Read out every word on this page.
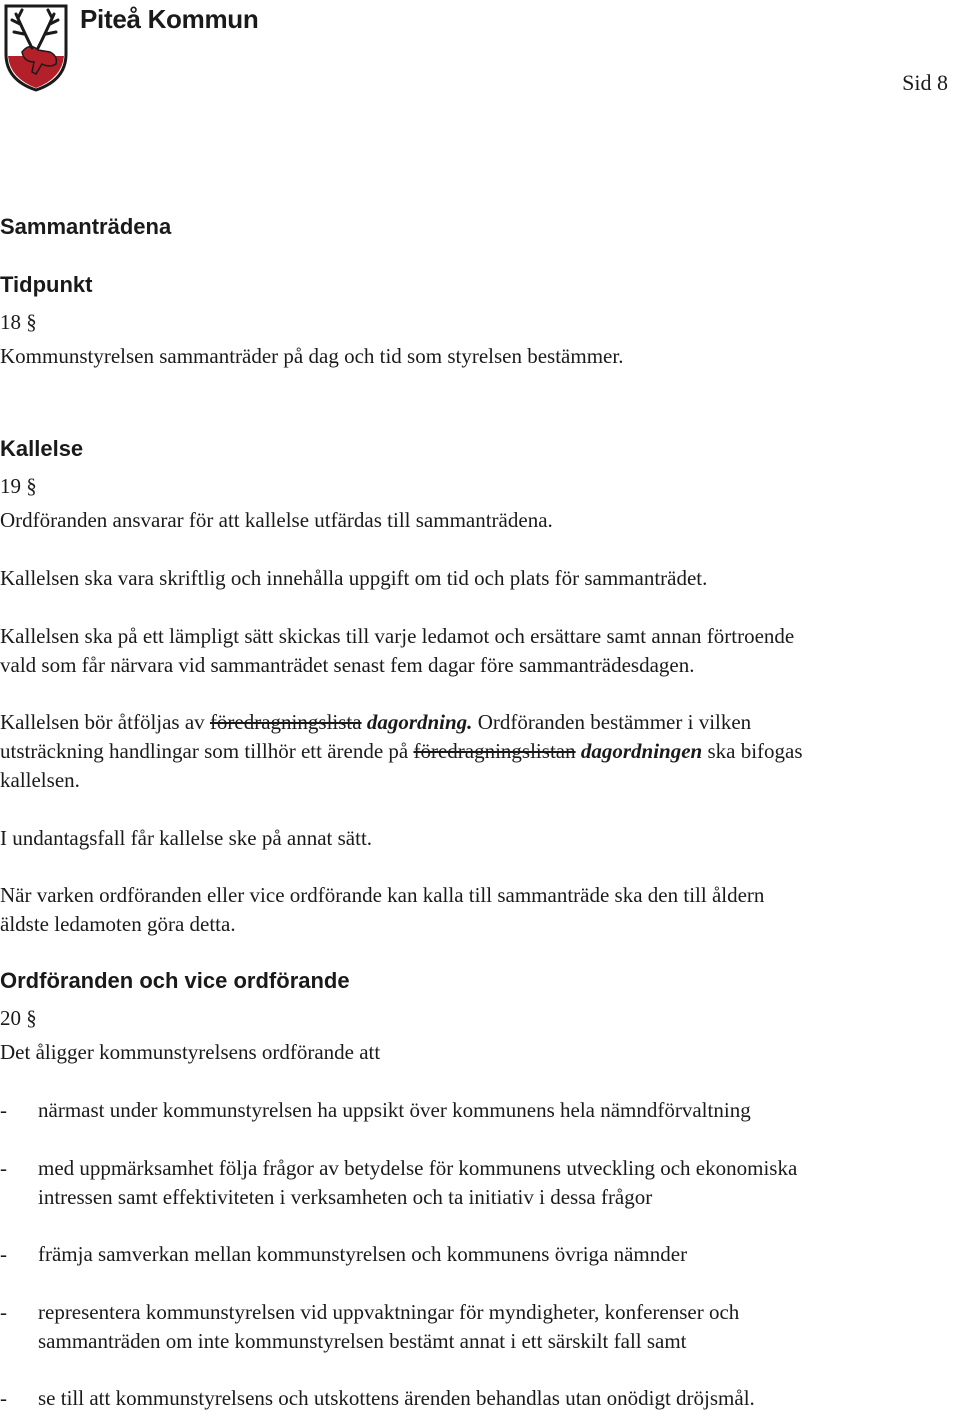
Piteå Kommun
Sid 8
Sammanträdena
Tidpunkt

18 §

Kommunstyrelsen sammanträder på dag och tid som styrelsen bestämmer.

Kallelse

19 §

Ordföranden ansvarar för att kallelse utfärdas till sammanträdena.

Kallelsen ska vara skriftlig och innehålla uppgift om tid och plats för sammanträdet.

Kallelsen ska på ett lämpligt sätt skickas till varje ledamot och ersättare samt annan förtroende

vald som får närvara vid sammanträdet senast fem dagar före sammanträdesdagen.

Kallelsen bör åtföljas av föredragningslista dagordning. Ordföranden bestämmer i vilken

utsträckning handlingar som tillhör ett ärende på föredragningslistan dagordningen ska bifogas

kallelsen.

I undantagsfall får kallelse ske på annat sätt.

När varken ordföranden eller vice ordförande kan kalla till sammanträde ska den till åldern

äldste ledamoten göra detta.

Ordföranden och vice ordförande

20 §

Det åligger kommunstyrelsens ordförande att

- närmast under kommunstyrelsen ha uppsikt över kommunens hela nämndförvaltning
- med uppmärksamhet följa frågor av betydelse för kommunens utveckling och ekonomiska
intressen samt effektiviteten i verksamheten och ta initiativ i dessa frågor
- främja samverkan mellan kommunstyrelsen och kommunens övriga nämnder
- representera kommunstyrelsen vid uppvaktningar för myndigheter, konferenser och
sammanträden om inte kommunstyrelsen bestämt annat i ett särskilt fall samt
- se till att kommunstyrelsens och utskottens ärenden behandlas utan onödigt dröjsmål.
